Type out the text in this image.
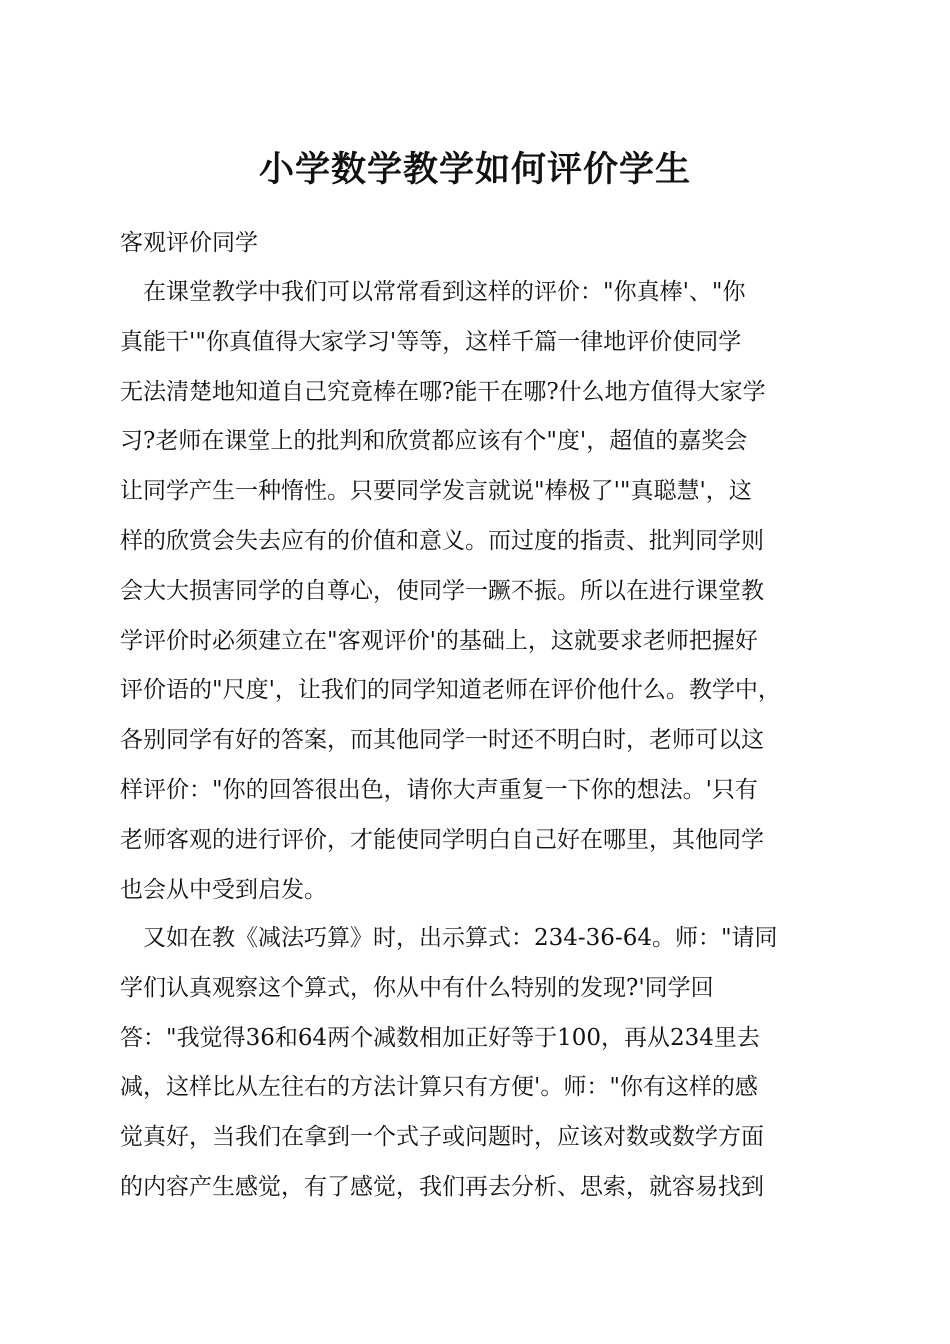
小学数学教学如何评价学生
客观评价同学
　在课堂教学中我们可以常常看到这样的评价："你真棒'、"你
真能干'"你真值得大家学习'等等，这样千篇一律地评价使同学
无法清楚地知道自己究竟棒在哪?能干在哪?什么地方值得大家学
习?老师在课堂上的批判和欣赏都应该有个"度'，超值的嘉奖会
让同学产生一种惰性。只要同学发言就说"棒极了'"真聪慧'，这
样的欣赏会失去应有的价值和意义。而过度的指责、批判同学则
会大大损害同学的自尊心，使同学一蹶不振。所以在进行课堂教
学评价时必须建立在"客观评价'的基础上，这就要求老师把握好
评价语的"尺度'，让我们的同学知道老师在评价他什么。教学中，
各别同学有好的答案，而其他同学一时还不明白时，老师可以这
样评价："你的回答很出色，请你大声重复一下你的想法。'只有
老师客观的进行评价，才能使同学明白自己好在哪里，其他同学
也会从中受到启发。
　又如在教《减法巧算》时，出示算式：234-36-64。师："请同
学们认真观察这个算式，你从中有什么特别的发现?'同学回
答："我觉得36和64两个减数相加正好等于100，再从234里去
减，这样比从左往右的方法计算只有方便'。师："你有这样的感
觉真好，当我们在拿到一个式子或问题时，应该对数或数学方面
的内容产生感觉，有了感觉，我们再去分析、思索，就容易找到
